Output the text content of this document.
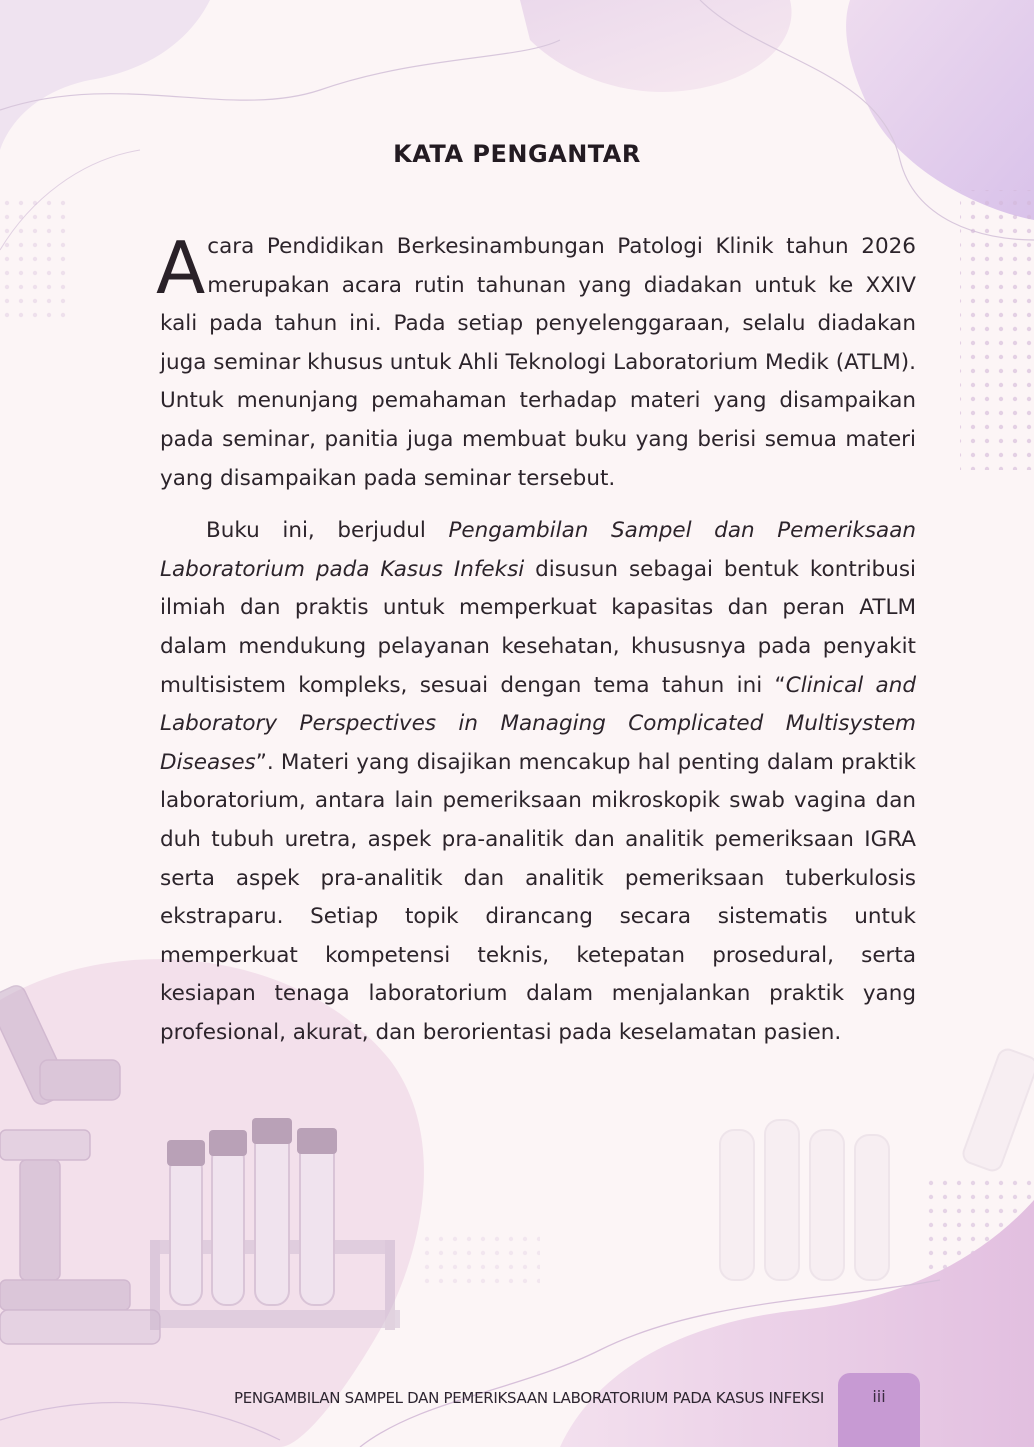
KATA PENGANTAR

Acara Pendidikan Berkesinambungan Patologi Klinik tahun 2026 merupakan acara rutin tahunan yang diadakan untuk ke XXIV kali pada tahun ini. Pada setiap penyelenggaraan, selalu diadakan juga seminar khusus untuk Ahli Teknologi Laboratorium Medik (ATLM). Untuk menunjang pemahaman terhadap materi yang disampaikan pada seminar, panitia juga membuat buku yang berisi semua materi yang disampaikan pada seminar tersebut.

Buku ini, berjudul Pengambilan Sampel dan Pemeriksaan Laboratorium pada Kasus Infeksi disusun sebagai bentuk kontribusi ilmiah dan praktis untuk memperkuat kapasitas dan peran ATLM dalam mendukung pelayanan kesehatan, khususnya pada penyakit multisistem kompleks, sesuai dengan tema tahun ini “Clinical and Laboratory Perspectives in Managing Complicated Multisystem Diseases”. Materi yang disajikan mencakup hal penting dalam praktik laboratorium, antara lain pemeriksaan mikroskopik swab vagina dan duh tubuh uretra, aspek pra-analitik dan analitik pemeriksaan IGRA serta aspek pra-analitik dan analitik pemeriksaan tuberkulosis ekstraparu. Setiap topik dirancang secara sistematis untuk memperkuat kompetensi teknis, ketepatan prosedural, serta kesiapan tenaga laboratorium dalam menjalankan praktik yang profesional, akurat, dan berorientasi pada keselamatan pasien.

PENGAMBILAN SAMPEL DAN PEMERIKSAAN LABORATORIUM PADA KASUS INFEKSI	iii
